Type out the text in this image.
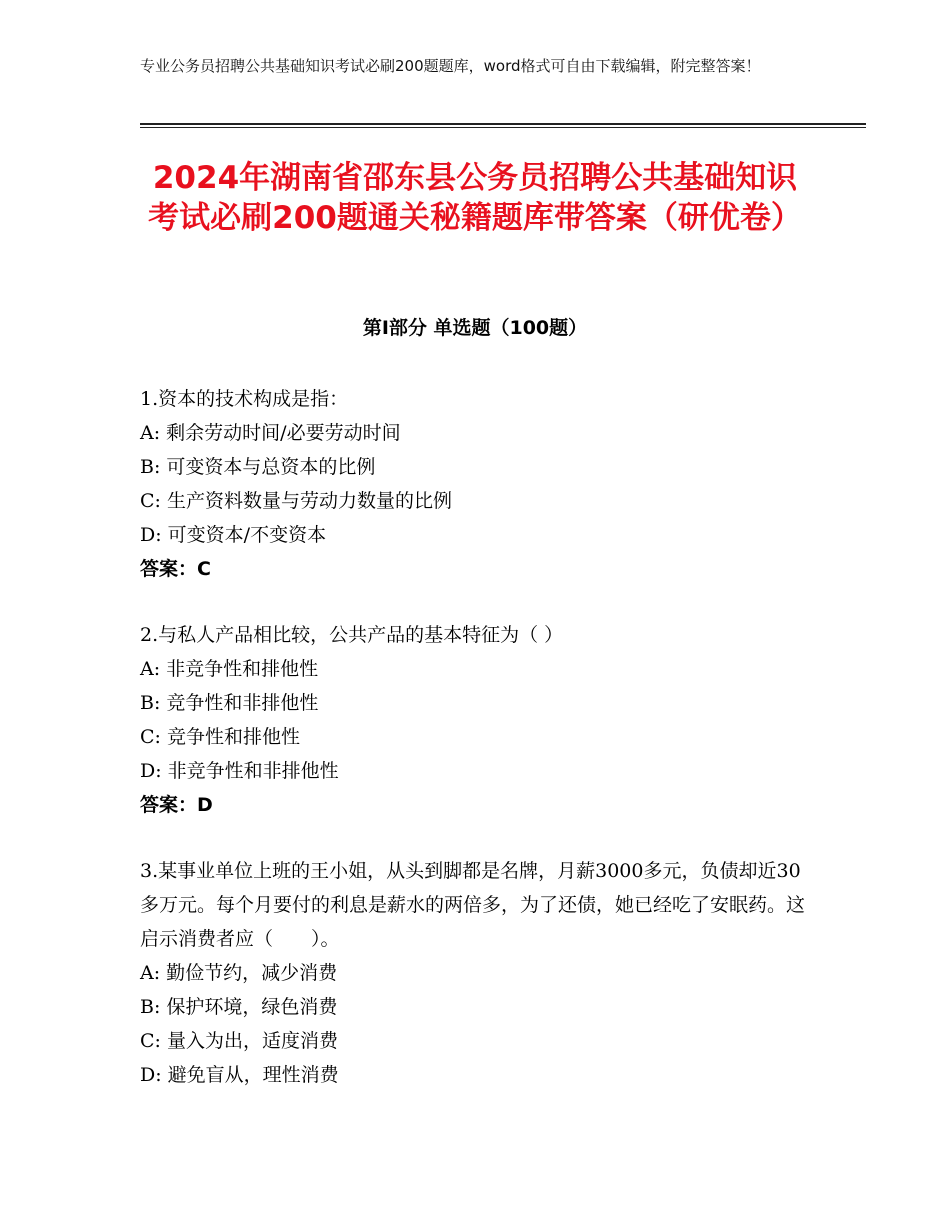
专业公务员招聘公共基础知识考试必刷200题题库，word格式可自由下载编辑，附完整答案！
2024年湖南省邵东县公务员招聘公共基础知识考试必刷200题通关秘籍题库带答案（研优卷）
第Ⅰ部分 单选题（100题）
1.资本的技术构成是指：
A: 剩余劳动时间/必要劳动时间
B: 可变资本与总资本的比例
C: 生产资料数量与劳动力数量的比例
D: 可变资本/不变资本
答案：C
2.与私人产品相比较，公共产品的基本特征为（ ）
A: 非竞争性和排他性
B: 竞争性和非排他性
C: 竞争性和排他性
D: 非竞争性和非排他性
答案：D
3.某事业单位上班的王小姐，从头到脚都是名牌，月薪3000多元，负债却近30多万元。每个月要付的利息是薪水的两倍多，为了还债，她已经吃了安眠药。这启示消费者应（　　）。
A: 勤俭节约，减少消费
B: 保护环境，绿色消费
C: 量入为出，适度消费
D: 避免盲从，理性消费
